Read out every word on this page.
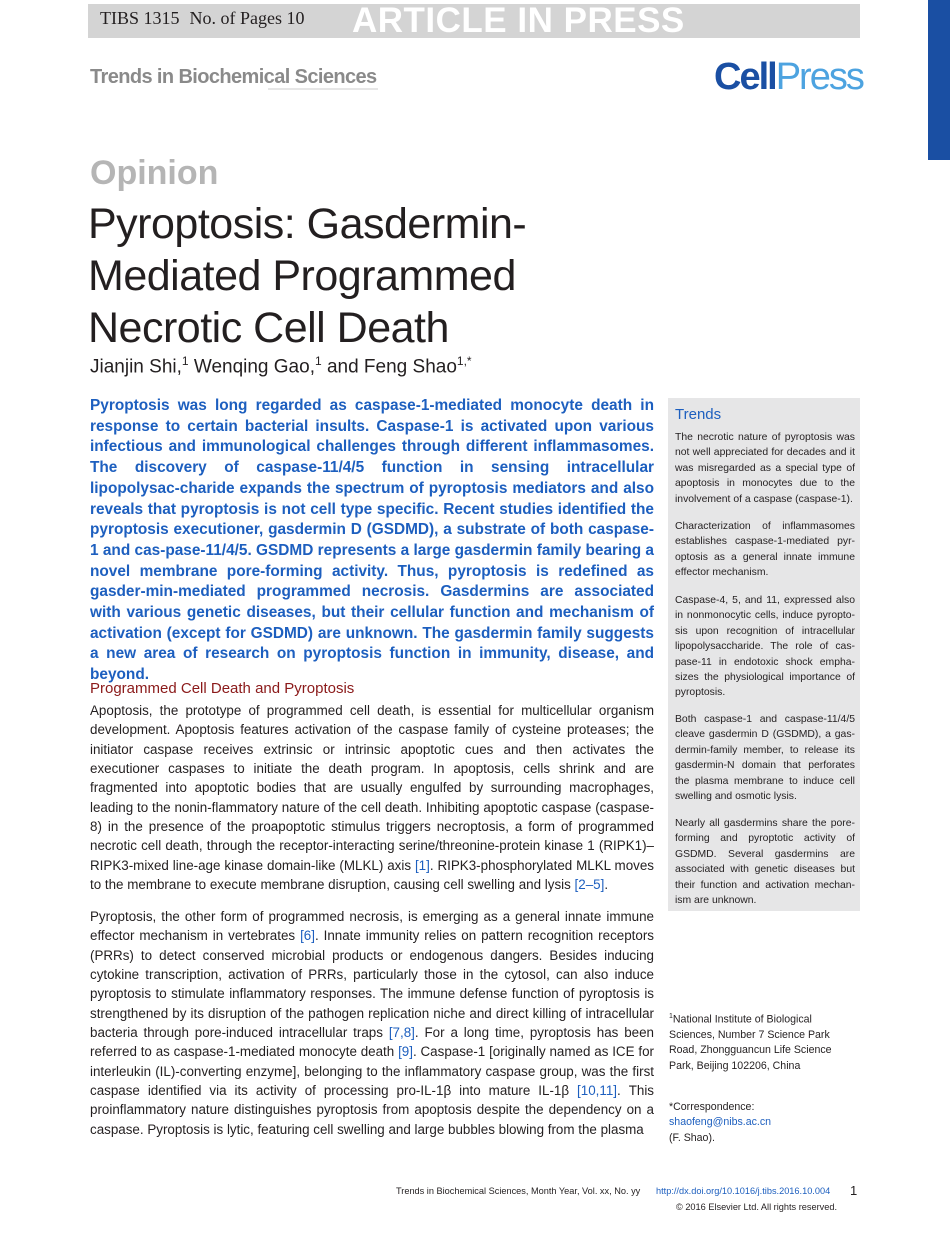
TIBS 1315 No. of Pages 10 ARTICLE IN PRESS
Trends in Biochemical Sciences	CellPress
Opinion
Pyroptosis: Gasdermin-Mediated Programmed Necrotic Cell Death
Jianjin Shi,$^1$ Wenqing Gao,$^1$ and Feng Shao$^{1,*}$
Pyroptosis was long regarded as caspase-1-mediated monocyte death in response to certain bacterial insults. Caspase-1 is activated upon various infectious and immunological challenges through different inflammasomes. The discovery of caspase-11/4/5 function in sensing intracellular lipopolysac-charide expands the spectrum of pyroptosis mediators and also reveals that pyroptosis is not cell type specific. Recent studies identified the pyroptosis executioner, gasdermin D (GSDMD), a substrate of both caspase-1 and cas-pase-11/4/5. GSDMD represents a large gasdermin family bearing a novel membrane pore-forming activity. Thus, pyroptosis is redefined as gasder-min-mediated programmed necrosis. Gasdermins are associated with various genetic diseases, but their cellular function and mechanism of activation (except for GSDMD) are unknown. The gasdermin family suggests a new area of research on pyroptosis function in immunity, disease, and beyond.
Programmed Cell Death and Pyroptosis
Apoptosis, the prototype of programmed cell death, is essential for multicellular organism development. Apoptosis features activation of the caspase family of cysteine proteases; the initiator caspase receives extrinsic or intrinsic apoptotic cues and then activates the executioner caspases to initiate the death program. In apoptosis, cells shrink and are fragmented into apoptotic bodies that are usually engulfed by surrounding macrophages, leading to the nonin-flammatory nature of the cell death. Inhibiting apoptotic caspase (caspase-8) in the presence of the proapoptotic stimulus triggers necroptosis, a form of programmed necrotic cell death, through the receptor-interacting serine/threonine-protein kinase 1 (RIPK1)–RIPK3-mixed line-age kinase domain-like (MLKL) axis [1]. RIPK3-phosphorylated MLKL moves to the membrane to execute membrane disruption, causing cell swelling and lysis [2–5].
Pyroptosis, the other form of programmed necrosis, is emerging as a general innate immune effector mechanism in vertebrates [6]. Innate immunity relies on pattern recognition receptors (PRRs) to detect conserved microbial products or endogenous dangers. Besides inducing cytokine transcription, activation of PRRs, particularly those in the cytosol, can also induce pyroptosis to stimulate inflammatory responses. The immune defense function of pyroptosis is strengthened by its disruption of the pathogen replication niche and direct killing of intracellular bacteria through pore-induced intracellular traps [7,8]. For a long time, pyroptosis has been referred to as caspase-1-mediated monocyte death [9]. Caspase-1 [originally named as ICE for interleukin (IL)-converting enzyme], belonging to the inflammatory caspase group, was the first caspase identified via its activity of processing pro-IL-1β into mature IL-1β [10,11]. This proinflammatory nature distinguishes pyroptosis from apoptosis despite the dependency on a caspase. Pyroptosis is lytic, featuring cell swelling and large bubbles blowing from the plasma
Trends
The necrotic nature of pyroptosis was not well appreciated for decades and it was misregarded as a special type of apoptosis in monocytes due to the involvement of a caspase (caspase-1).
Characterization of inflammasomes establishes caspase-1-mediated pyr-optosis as a general innate immune effector mechanism.
Caspase-4, 5, and 11, expressed also in nonmonocytic cells, induce pyropto-sis upon recognition of intracellular lipopolysaccharide. The role of cas-pase-11 in endotoxic shock empha-sizes the physiological importance of pyroptosis.
Both caspase-1 and caspase-11/4/5 cleave gasdermin D (GSDMD), a gas-dermin-family member, to release its gasdermin-N domain that perforates the plasma membrane to induce cell swelling and osmotic lysis.
Nearly all gasdermins share the pore-forming and pyroptotic activity of GSDMD. Several gasdermins are associated with genetic diseases but their function and activation mechan-ism are unknown.
$^1$National Institute of Biological Sciences, Number 7 Science Park Road, Zhongguancun Life Science Park, Beijing 102206, China
*Correspondence:
shaofeng@nibs.ac.cn
(F. Shao).
Trends in Biochemical Sciences, Month Year, Vol. xx, No. yy http://dx.doi.org/10.1016/j.tibs.2016.10.004 1
© 2016 Elsevier Ltd. All rights reserved.
